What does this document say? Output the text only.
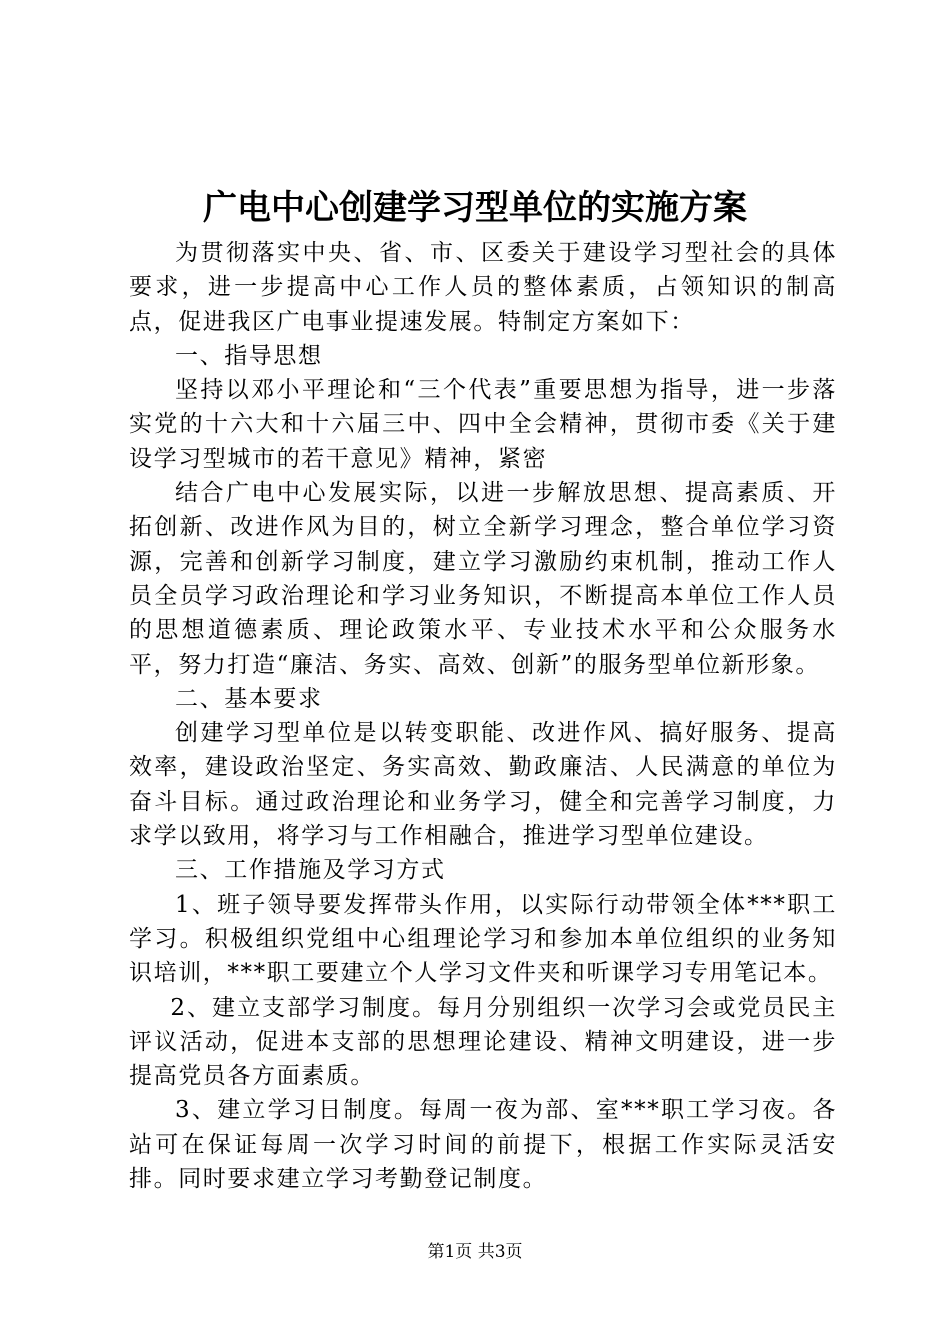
广电中心创建学习型单位的实施方案

为贯彻落实中央、省、市、区委关于建设学习型社会的具体要求，进一步提高中心工作人员的整体素质，占领知识的制高点，促进我区广电事业提速发展。特制定方案如下：

一、指导思想

坚持以邓小平理论和“三个代表”重要思想为指导，进一步落实党的十六大和十六届三中、四中全会精神，贯彻市委《关于建设学习型城市的若干意见》精神，紧密

结合广电中心发展实际，以进一步解放思想、提高素质、开拓创新、改进作风为目的，树立全新学习理念，整合单位学习资源，完善和创新学习制度，建立学习激励约束机制，推动工作人员全员学习政治理论和学习业务知识，不断提高本单位工作人员的思想道德素质、理论政策水平、专业技术水平和公众服务水平，努力打造“廉洁、务实、高效、创新”的服务型单位新形象。

二、基本要求

创建学习型单位是以转变职能、改进作风、搞好服务、提高效率，建设政治坚定、务实高效、勤政廉洁、人民满意的单位为奋斗目标。通过政治理论和业务学习，健全和完善学习制度，力求学以致用，将学习与工作相融合，推进学习型单位建设。

三、工作措施及学习方式

1、班子领导要发挥带头作用，以实际行动带领全体***职工学习。积极组织党组中心组理论学习和参加本单位组织的业务知识培训，***职工要建立个人学习文件夹和听课学习专用笔记本。

2、建立支部学习制度。每月分别组织一次学习会或党员民主评议活动，促进本支部的思想理论建设、精神文明建设，进一步提高党员各方面素质。

3、建立学习日制度。每周一夜为部、室***职工学习夜。各站可在保证每周一次学习时间的前提下，根据工作实际灵活安排。同时要求建立学习考勤登记制度。

第1页 共3页
